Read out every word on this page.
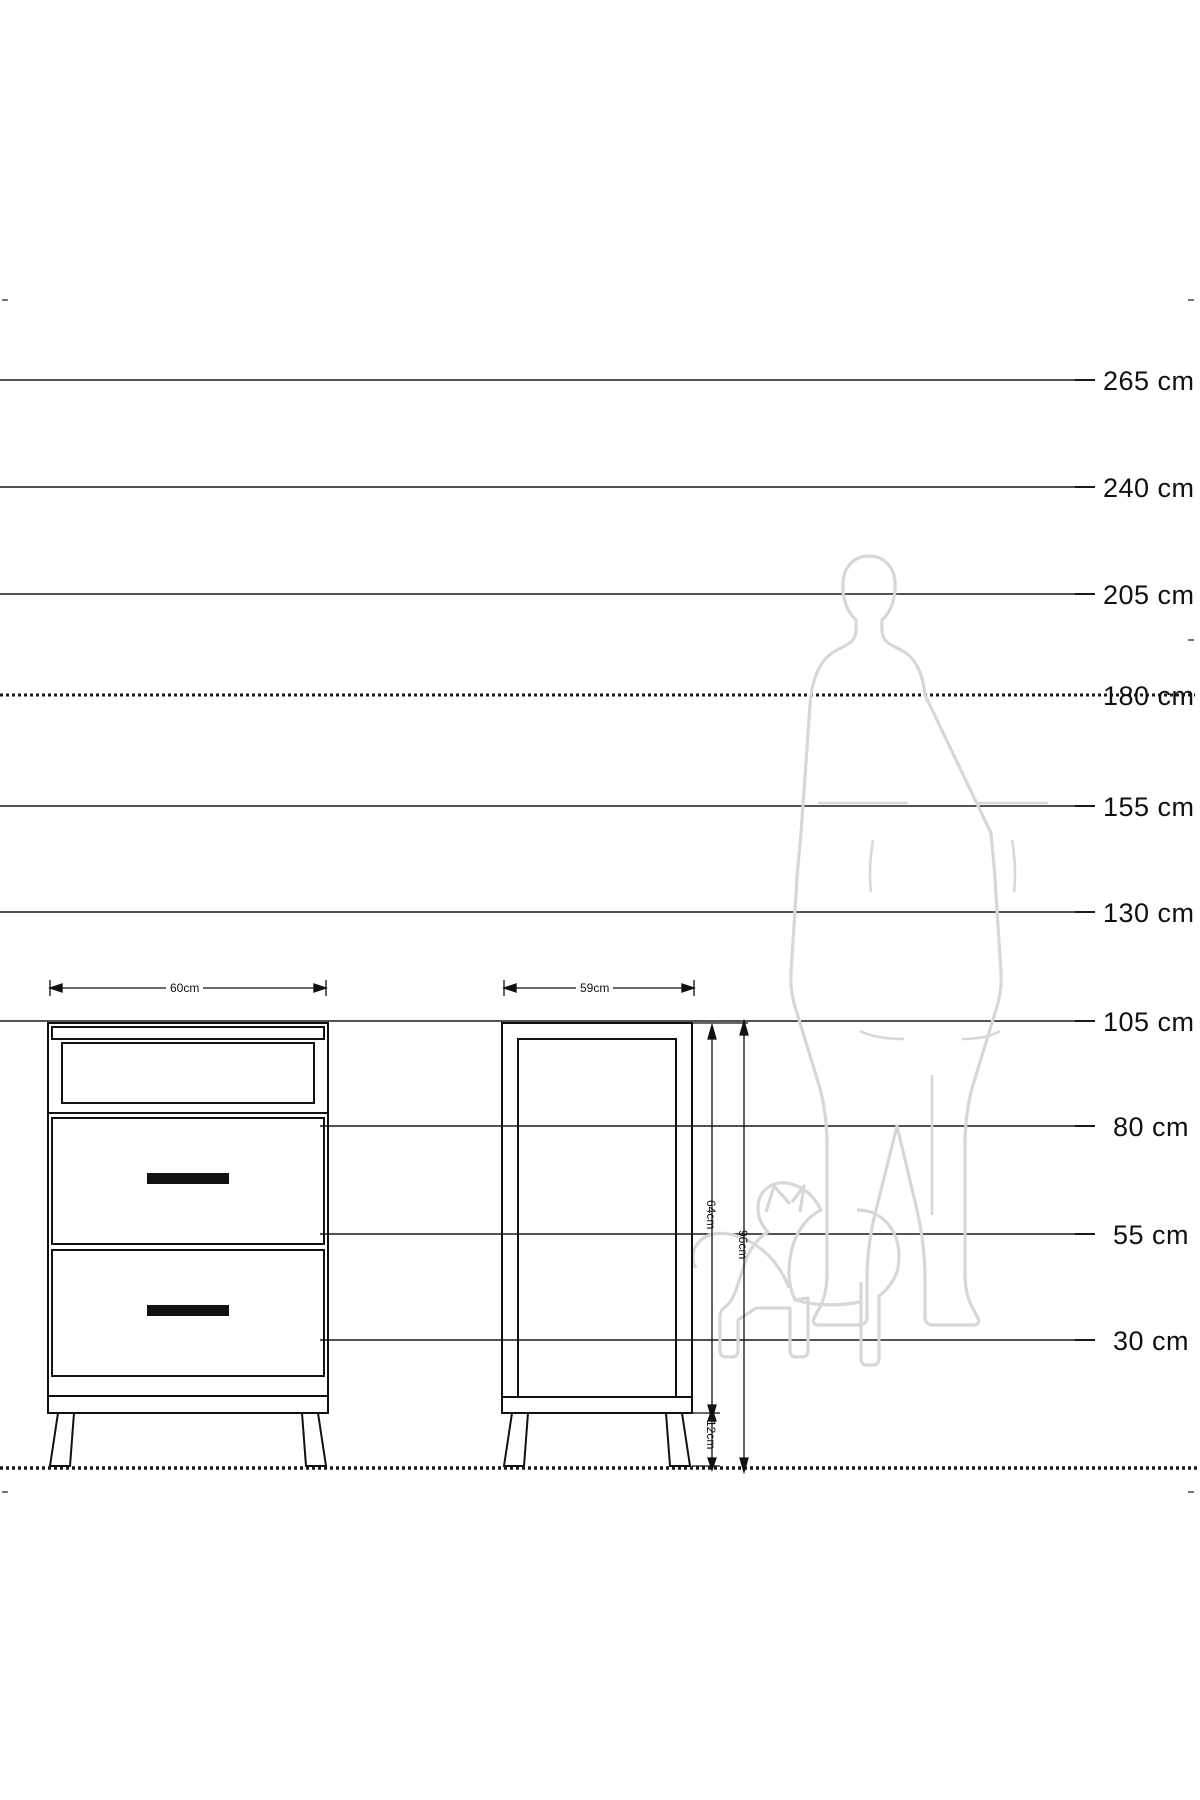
265 cm
240 cm
205 cm
180 cm
155 cm
130 cm
105 cm
80 cm
55 cm
30 cm
60cm	59cm
64cm
96cm
12cm
